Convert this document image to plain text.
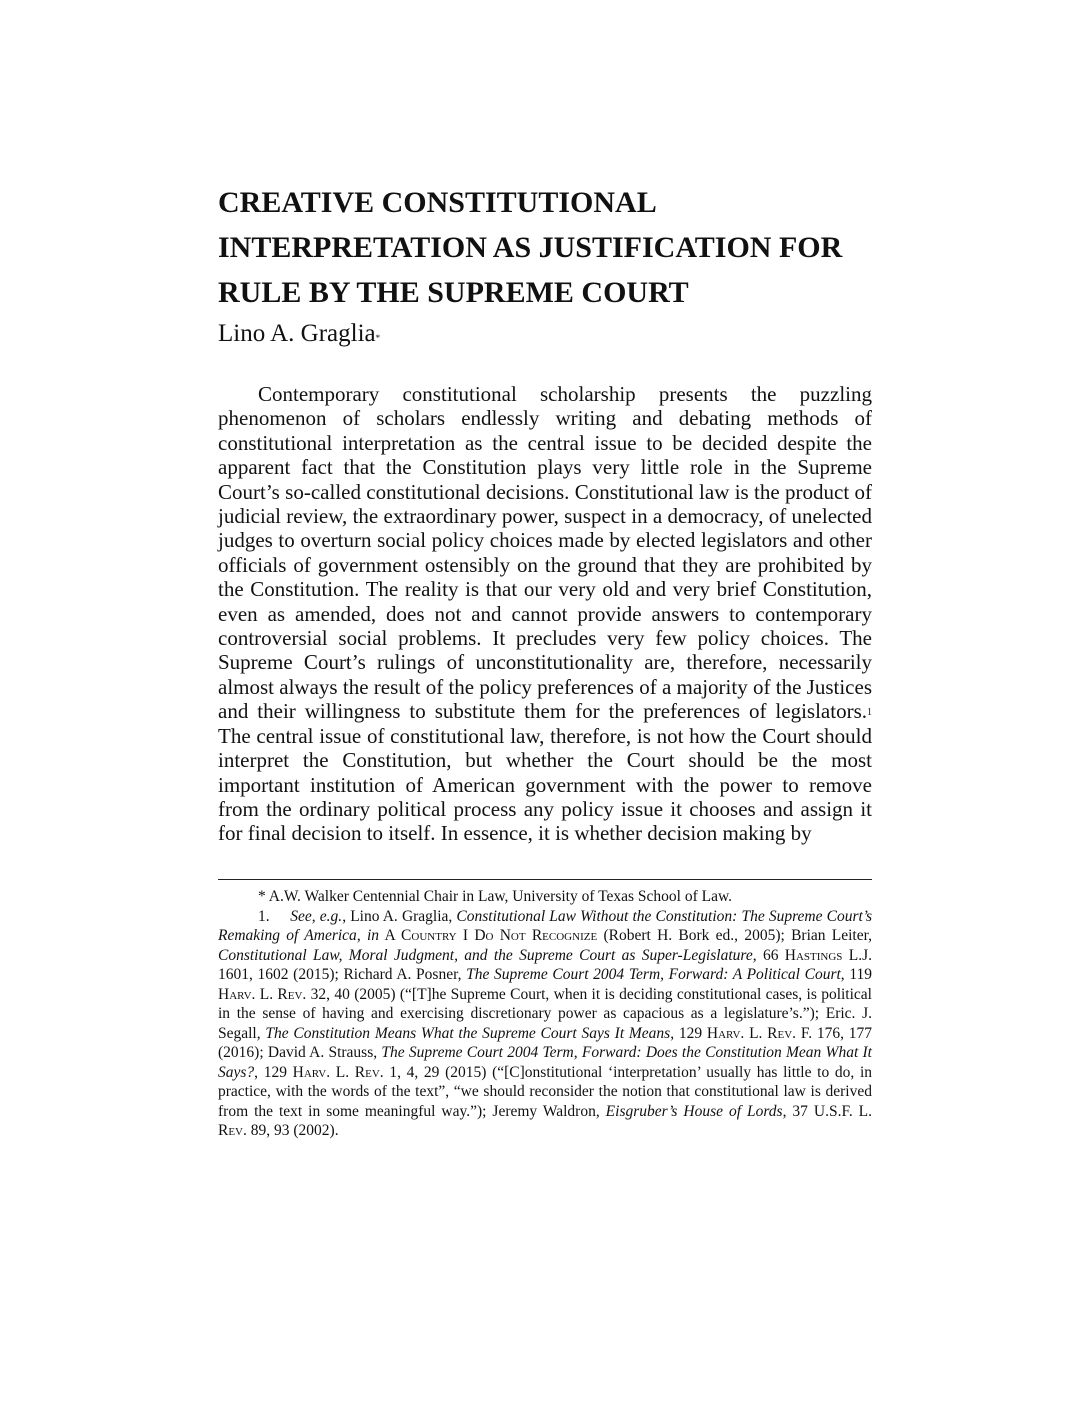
CREATIVE CONSTITUTIONAL INTERPRETATION AS JUSTIFICATION FOR RULE BY THE SUPREME COURT

Lino A. Graglia*

Contemporary constitutional scholarship presents the puzzling phenomenon of scholars endlessly writing and debating methods of constitutional interpretation as the central issue to be decided despite the apparent fact that the Constitution plays very little role in the Supreme Court’s so-called constitutional decisions. Constitutional law is the product of judicial review, the extraordinary power, suspect in a democracy, of unelected judges to overturn social policy choices made by elected legislators and other officials of government ostensibly on the ground that they are prohibited by the Constitution. The reality is that our very old and very brief Constitution, even as amended, does not and cannot provide answers to contemporary controversial social problems. It precludes very few policy choices. The Supreme Court’s rulings of unconstitutionality are, therefore, necessarily almost always the result of the policy preferences of a majority of the Justices and their willingness to substitute them for the preferences of legislators.$^1$ The central issue of constitutional law, therefore, is not how the Court should interpret the Constitution, but whether the Court should be the most important institution of American government with the power to remove from the ordinary political process any policy issue it chooses and assign it for final decision to itself. In essence, it is whether decision making by

* A.W. Walker Centennial Chair in Law, University of Texas School of Law.

1. See, e.g., Lino A. Graglia, Constitutional Law Without the Constitution: The Supreme Court’s Remaking of America, in A Country I Do Not Recognize (Robert H. Bork ed., 2005); Brian Leiter, Constitutional Law, Moral Judgment, and the Supreme Court as Super-Legislature, 66 Hastings L.J. 1601, 1602 (2015); Richard A. Posner, The Supreme Court 2004 Term, Forward: A Political Court, 119 Harv. L. Rev. 32, 40 (2005) (“[T]he Supreme Court, when it is deciding constitutional cases, is political in the sense of having and exercising discretionary power as capacious as a legislature’s.”); Eric. J. Segall, The Constitution Means What the Supreme Court Says It Means, 129 Harv. L. Rev. F. 176, 177 (2016); David A. Strauss, The Supreme Court 2004 Term, Forward: Does the Constitution Mean What It Says?, 129 Harv. L. Rev. 1, 4, 29 (2015) (“[C]onstitutional ‘interpretation’ usually has little to do, in practice, with the words of the text”, “we should reconsider the notion that constitutional law is derived from the text in some meaningful way.”); Jeremy Waldron, Eisgruber’s House of Lords, 37 U.S.F. L. Rev. 89, 93 (2002).
